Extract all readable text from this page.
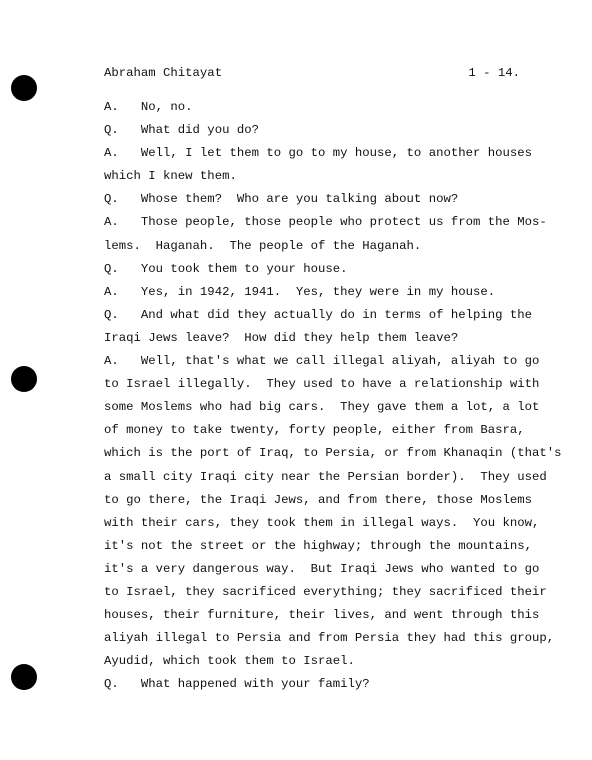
Abraham Chitayat	1 - 14.
A.   No, no.
Q.   What did you do?
A.   Well, I let them to go to my house, to another houses
which I knew them.
Q.   Whose them?  Who are you talking about now?
A.   Those people, those people who protect us from the Mos-
lems.  Haganah.  The people of the Haganah.
Q.   You took them to your house.
A.   Yes, in 1942, 1941.  Yes, they were in my house.
Q.   And what did they actually do in terms of helping the
Iraqi Jews leave?  How did they help them leave?
A.   Well, that's what we call illegal aliyah, aliyah to go
to Israel illegally.  They used to have a relationship with
some Moslems who had big cars.  They gave them a lot, a lot
of money to take twenty, forty people, either from Basra,
which is the port of Iraq, to Persia, or from Khanaqin (that's
a small city Iraqi city near the Persian border).  They used
to go there, the Iraqi Jews, and from there, those Moslems
with their cars, they took them in illegal ways.  You know,
it's not the street or the highway; through the mountains,
it's a very dangerous way.  But Iraqi Jews who wanted to go
to Israel, they sacrificed everything; they sacrificed their
houses, their furniture, their lives, and went through this
aliyah illegal to Persia and from Persia they had this group,
Ayudid, which took them to Israel.
Q.   What happened with your family?
